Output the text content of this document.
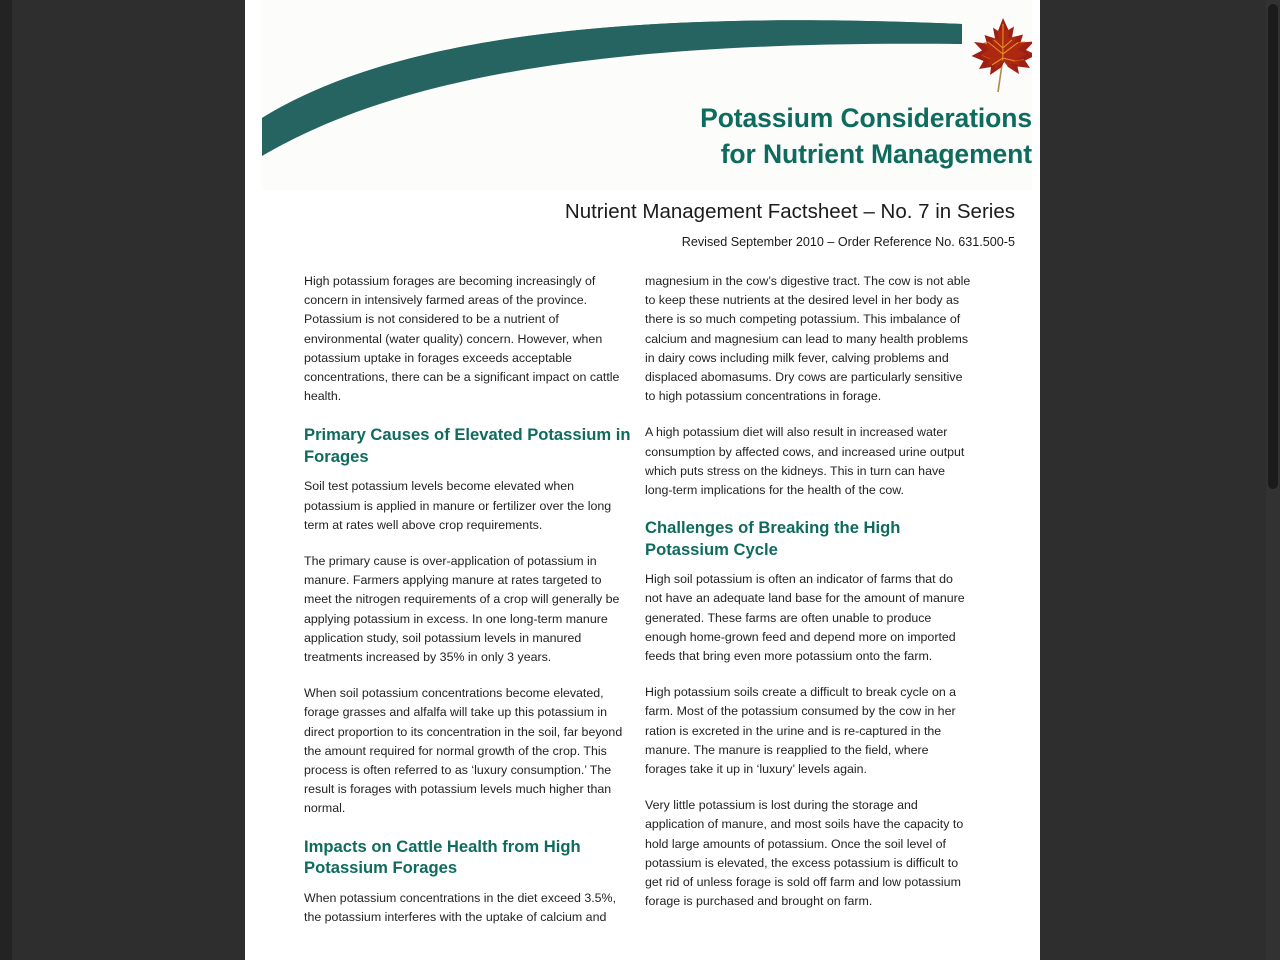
Potassium Considerations
for Nutrient Management
Nutrient Management Factsheet – No. 7 in Series
Revised September 2010 – Order Reference No. 631.500-5

High potassium forages are becoming increasingly of concern in intensively farmed areas of the province. Potassium is not considered to be a nutrient of environmental (water quality) concern. However, when potassium uptake in forages exceeds acceptable concentrations, there can be a significant impact on cattle health.

Primary Causes of Elevated Potassium in Forages

Soil test potassium levels become elevated when potassium is applied in manure or fertilizer over the long term at rates well above crop requirements.

The primary cause is over-application of potassium in manure. Farmers applying manure at rates targeted to meet the nitrogen requirements of a crop will generally be applying potassium in excess. In one long-term manure application study, soil potassium levels in manured treatments increased by 35% in only 3 years.

When soil potassium concentrations become elevated, forage grasses and alfalfa will take up this potassium in direct proportion to its concentration in the soil, far beyond the amount required for normal growth of the crop. This process is often referred to as ‘luxury consumption.’ The result is forages with potassium levels much higher than normal.

Impacts on Cattle Health from High Potassium Forages

When potassium concentrations in the diet exceed 3.5%, the potassium interferes with the uptake of calcium and

magnesium in the cow’s digestive tract. The cow is not able to keep these nutrients at the desired level in her body as there is so much competing potassium. This imbalance of calcium and magnesium can lead to many health problems in dairy cows including milk fever, calving problems and displaced abomasums. Dry cows are particularly sensitive to high potassium concentrations in forage.

A high potassium diet will also result in increased water consumption by affected cows, and increased urine output which puts stress on the kidneys. This in turn can have long-term implications for the health of the cow.

Challenges of Breaking the High Potassium Cycle

High soil potassium is often an indicator of farms that do not have an adequate land base for the amount of manure generated. These farms are often unable to produce enough home-grown feed and depend more on imported feeds that bring even more potassium onto the farm.

High potassium soils create a difficult to break cycle on a farm. Most of the potassium consumed by the cow in her ration is excreted in the urine and is re-captured in the manure. The manure is reapplied to the field, where forages take it up in ‘luxury’ levels again.

Very little potassium is lost during the storage and application of manure, and most soils have the capacity to hold large amounts of potassium. Once the soil level of potassium is elevated, the excess potassium is difficult to get rid of unless forage is sold off farm and low potassium forage is purchased and brought on farm.
